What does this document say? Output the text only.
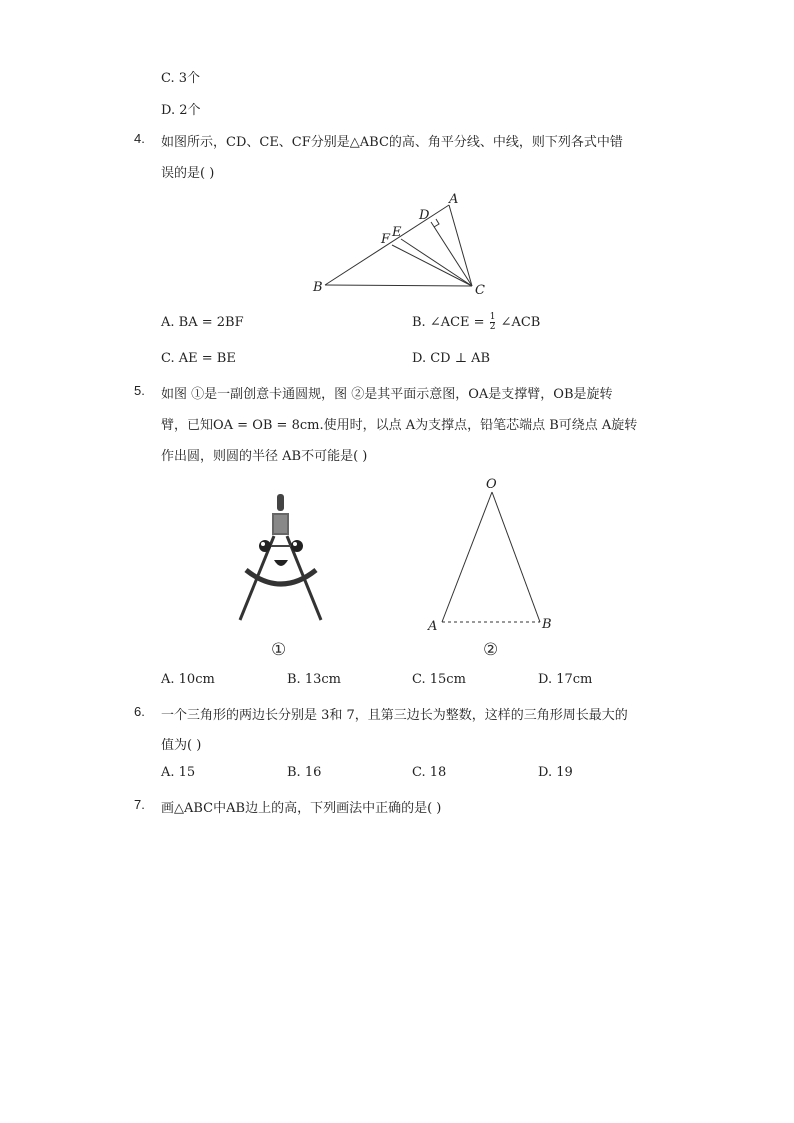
C. 3个
D. 2个
4. 如图所示，CD、CE、CF分别是△ABC的高、角平分线、中线，则下列各式中错
误的是( )
A
B	C
D
E
F
A. BA = 2BF	B. ∠ACE = $\frac{1}{2}$ ∠ACB
C. AE = BE	D. CD ⊥ AB
5. 如图 ①是一副创意卡通圆规，图 ②是其平面示意图，OA是支撑臂，OB是旋转
臂，已知OA = OB = 8cm.使用时，以点 A为支撑点，铅笔芯端点 B可绕点 A旋转
作出圆，则圆的半径 AB不可能是( )
①
O
A	B
②
A. 10cm	B. 13cm	C. 15cm	D. 17cm
6. 一个三角形的两边长分别是 3和 7，且第三边长为整数，这样的三角形周长最大的
值为( )
A. 15	B. 16	C. 18	D. 19
7. 画△ABC中AB边上的高，下列画法中正确的是( )
